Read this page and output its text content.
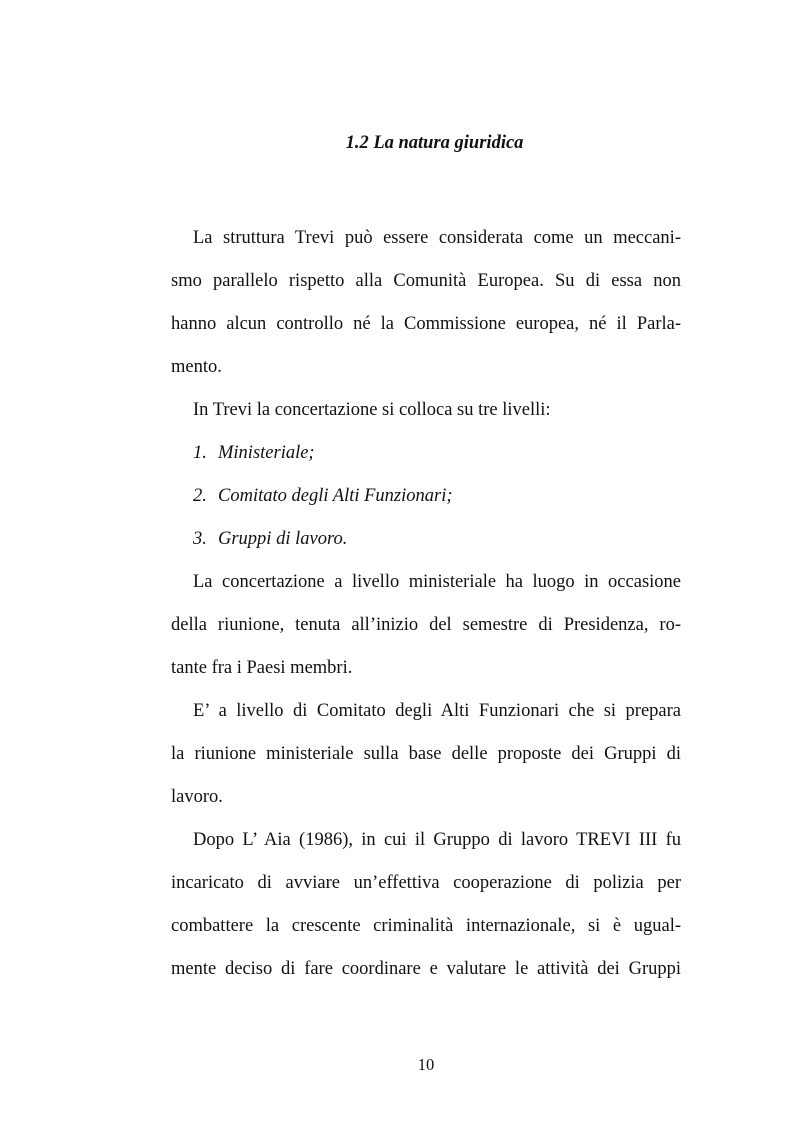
1.2 La natura giuridica
La struttura Trevi può essere considerata come un meccani-
smo parallelo rispetto alla Comunità Europea. Su di essa non
hanno alcun controllo né la Commissione europea, né il Parla-
mento.
In Trevi la concertazione si colloca su tre livelli:
1. Ministeriale;
2. Comitato degli Alti Funzionari;
3. Gruppi di lavoro.
La concertazione a livello ministeriale ha luogo in occasione
della riunione, tenuta all’inizio del semestre di Presidenza, ro-
tante fra i Paesi membri.
E’ a livello di Comitato degli Alti Funzionari che si prepara
la riunione ministeriale sulla base delle proposte dei Gruppi di
lavoro.
Dopo L’ Aia (1986), in cui il Gruppo di lavoro TREVI III fu
incaricato di avviare un’effettiva cooperazione di polizia per
combattere la crescente criminalità internazionale, si è ugual-
mente deciso di fare coordinare e valutare le attività dei Gruppi
10
